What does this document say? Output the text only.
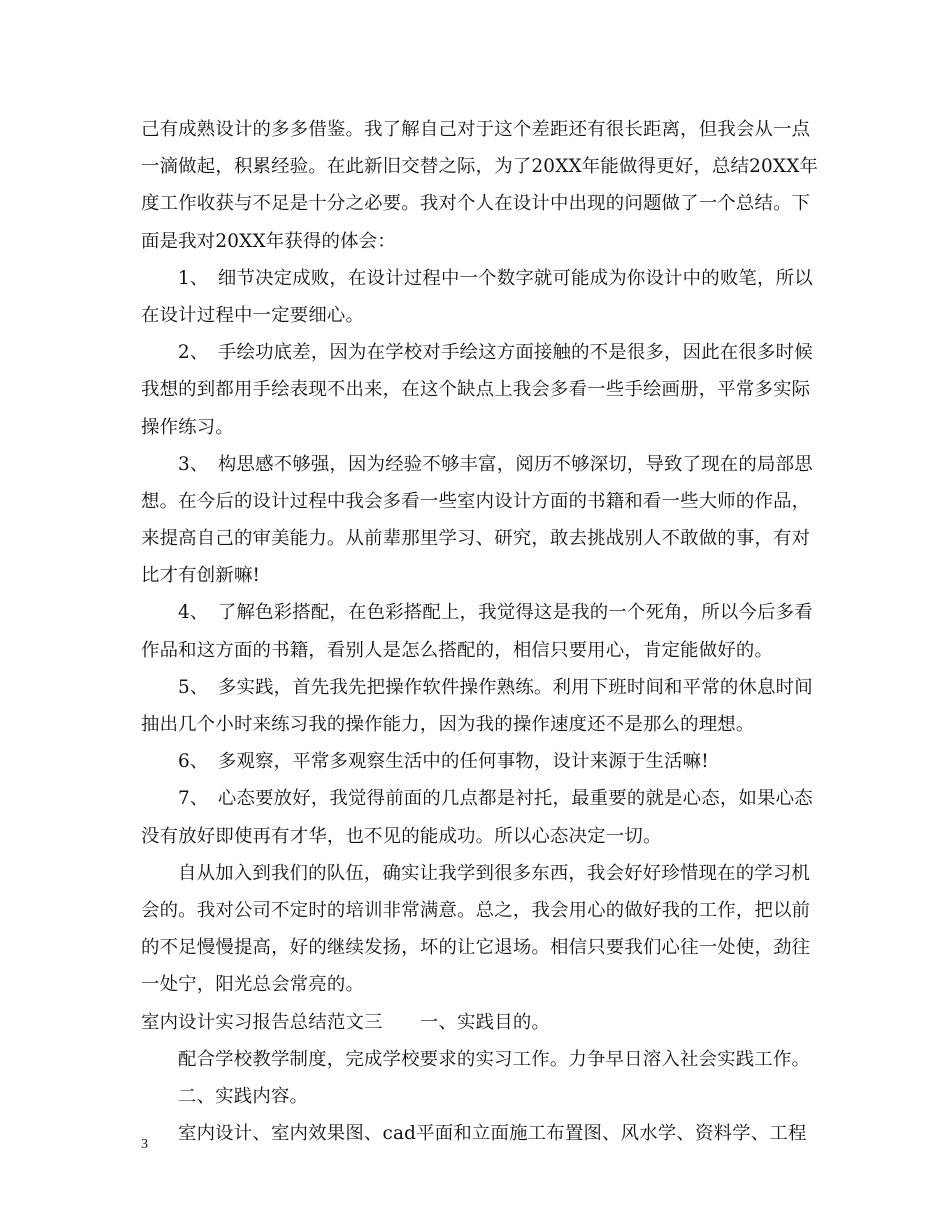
己有成熟设计的多多借鉴。我了解自己对于这个差距还有很长距离，但我会从一点
一滴做起，积累经验。在此新旧交替之际，为了20XX年能做得更好，总结20XX年
度工作收获与不足是十分之必要。我对个人在设计中出现的问题做了一个总结。下
面是我对20XX年获得的体会：
1、　细节决定成败，在设计过程中一个数字就可能成为你设计中的败笔，所以
在设计过程中一定要细心。
2、　手绘功底差，因为在学校对手绘这方面接触的不是很多，因此在很多时候
我想的到都用手绘表现不出来，在这个缺点上我会多看一些手绘画册，平常多实际
操作练习。
3、　构思感不够强，因为经验不够丰富，阅历不够深切，导致了现在的局部思
想。在今后的设计过程中我会多看一些室内设计方面的书籍和看一些大师的作品，
来提高自己的审美能力。从前辈那里学习、研究，敢去挑战别人不敢做的事，有对
比才有创新嘛!
4、　了解色彩搭配，在色彩搭配上，我觉得这是我的一个死角，所以今后多看
作品和这方面的书籍，看别人是怎么搭配的，相信只要用心，肯定能做好的。
5、　多实践，首先我先把操作软件操作熟练。利用下班时间和平常的休息时间
抽出几个小时来练习我的操作能力，因为我的操作速度还不是那么的理想。
6、　多观察，平常多观察生活中的任何事物，设计来源于生活嘛!
7、　心态要放好，我觉得前面的几点都是衬托，最重要的就是心态，如果心态
没有放好即使再有才华，也不见的能成功。所以心态决定一切。
自从加入到我们的队伍，确实让我学到很多东西，我会好好珍惜现在的学习机
会的。我对公司不定时的培训非常满意。总之，我会用心的做好我的工作，把以前
的不足慢慢提高，好的继续发扬，坏的让它退场。相信只要我们心往一处使，劲往
一处宁，阳光总会常亮的。
室内设计实习报告总结范文三　　一、实践目的。
配合学校教学制度，完成学校要求的实习工作。力争早日溶入社会实践工作。
二、实践内容。
室内设计、室内效果图、cad平面和立面施工布置图、风水学、资料学、工程
3
